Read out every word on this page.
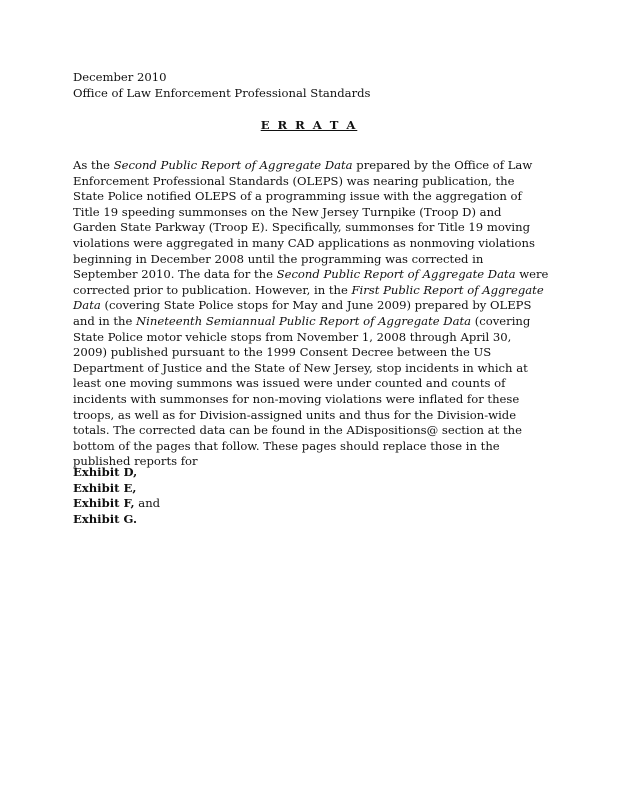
December 2010
Office of Law Enforcement Professional Standards
E R R A T A
As the Second Public Report of Aggregate Data prepared by the Office of Law
Enforcement Professional Standards (OLEPS) was nearing publication, the
State Police notified OLEPS of a programming issue with the aggregation of
Title 19 speeding summonses on the New Jersey Turnpike (Troop D) and
Garden State Parkway (Troop E). Specifically, summonses for Title 19 moving
violations were aggregated in many CAD applications as nonmoving violations
beginning in December 2008 until the programming was corrected in
September 2010. The data for the Second Public Report of Aggregate Data were
corrected prior to publication. However, in the First Public Report of Aggregate
Data (covering State Police stops for May and June 2009) prepared by OLEPS
and in the Nineteenth Semiannual Public Report of Aggregate Data (covering
State Police motor vehicle stops from November 1, 2008 through April 30,
2009) published pursuant to the 1999 Consent Decree between the US
Department of Justice and the State of New Jersey, stop incidents in which at
least one moving summons was issued were under counted and counts of
incidents with summonses for non-moving violations were inflated for these
troops, as well as for Division-assigned units and thus for the Division-wide
totals. The corrected data can be found in the ADispositions@ section at the
bottom of the pages that follow. These pages should replace those in the
published reports for
Exhibit D,
Exhibit E,
Exhibit F, and
Exhibit G.
